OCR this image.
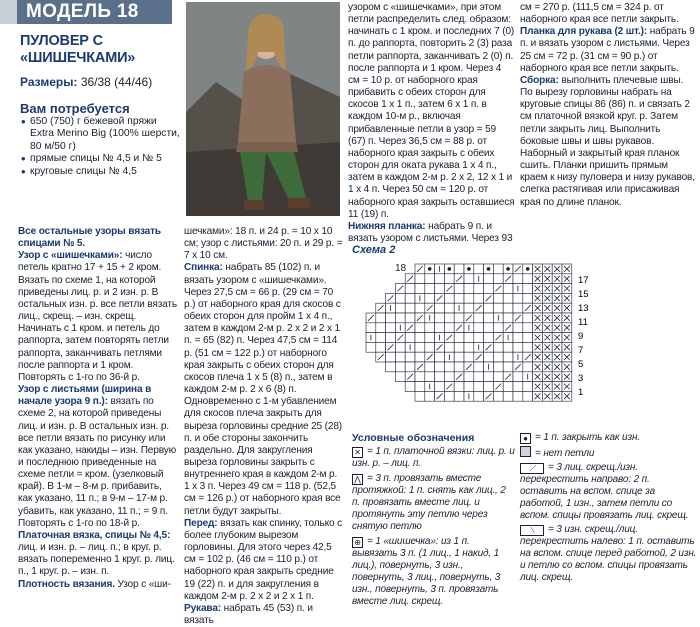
МОДЕЛЬ 18
ПУЛОВЕР С «ШИШЕЧКАМИ»
Размеры: 36/38 (44/46)
Вам потребуется
• 650 (750) г бежевой пряжи Extra Merino Big (100% шерсти, 80 м/50 г)
• прямые спицы № 4,5 и № 5
• круговые спицы № 4,5

узором с «шишечками», при этом петли распределить след. образом: начинать с 1 кром. и последних 7 (0) п. до раппорта, повторить 2 (3) раза петли раппорта, заканчивать 2 (0) п. после раппорта и 1 кром. Через 4 см = 10 р. от наборного края прибавить с обеих сторон для скосов 1 х 1 п., затем 6 х 1 п. в каждом 10-м р., включая прибавленные петли в узор = 59 (67) п. Через 36,5 см = 88 р. от наборного края закрыть с обеих сторон для оката рукава 1 х 4 п., затем в каждом 2-м р. 2 х 2, 12 х 1 и 1 х 4 п. Через 50 см = 120 р. от наборного края закрыть оставшиеся 11 (19) п.

Нижняя планка: набрать 9 п. и вязать узором с листьями. Через 93

см = 270 р. (111,5 см = 324 р. от наборного края все петли закрыть.

Планка для рукава (2 шт.): набрать 9 п. и вязать узором с листьями. Через 25 см = 72 р. (31 см = 90 р.) от наборного края все петли закрыть.

Сборка: выполнить плечевые швы. По вырезу горловины набрать на круговые спицы 86 (86) п. и связать 2 см платочной вязкой круг. р. Затем петли закрыть лиц. Выполнить боковые швы и швы рукавов. Наборный и закрытый края планок сшить. Планки пришить прямым краем к низу пуловера и низу рукавов, слегка растягивая или присаживая края по длине планок.

Все остальные узоры вязать спицами № 5.

Узор с «шишечками»: число петель кратно 17 + 15 + 2 кром. Вязать по схеме 1, на которой приведены лиц. р. и 2 изн. р. В остальных изн. р. все петли вязать лиц., скрещ. – изн. скрещ. Начинать с 1 кром. и петель до раппорта, затем повторять петли раппорта, заканчивать петлями после раппорта и 1 кром. Повторять с 1-го по 36-й р.

Узор с листьями (ширина в начале узора 9 п.): вязать по схеме 2, на которой приведены лиц. и изн. р. В остальных изн. р. все петли вязать по рисунку или как указано, накиды – изн. Первую и последнюю приведенные на схеме петли = кром. (узелковый край). В 1-м – 8-м р. прибавить, как указано, 11 п.; в 9-м – 17-м р. убавить, как указано, 11 п.; = 9 п. Повторять с 1-го по 18-й р.

Платочная вязка, спицы № 4,5: лиц. и изн. р. – лиц. п.; в круг. р. вязать попеременно 1 круг. р. лиц. п., 1 круг. р. – изн. п.

Плотность вязания. Узор с «ши-

шечками»: 18 п. и 24 р. = 10 х 10 см; узор с листьями: 20 п. и 29 р. = 7 х 10 см.

Спинка: набрать 85 (102) п. и вязать узором с «шишечками». Через 27,5 см = 66 р. (29 см = 70 р.) от наборного края для скосов с обеих сторон для пройм 1 х 4 п., затем в каждом 2-м р. 2 х 2 и 2 х 1 п. = 65 (82) п. Через 47,5 см = 114 р. (51 см = 122 р.) от наборного края закрыть с обеих сторон для скосов плеча 1 х 5 (8) п., затем в каждом 2-м р. 2 х 6 (8) п. Одновременно с 1-м убавлением для скосов плеча закрыть для выреза горловины средние 25 (28) п. и обе стороны закончить раздельно. Для закругления выреза горловины закрыть с внутреннего края в каждом 2-м р. 1 х 3 п. Через 49 см = 118 р. (52,5 см = 126 р.) от наборного края все петли будут закрыты.

Перед: вязать как спинку, только с более глубоким вырезом горловины. Для этого через 42,5 см = 102 р. (46 см = 110 р.) от наборного края закрыть средние 19 (22) п. и для закругления в каждом 2-м р. 2 х 2 и 2 х 1 п.

Рукава: набрать 45 (53) п. и вязать

Схема 2
18
17
15
13
11
9
7
5
3
1
Условные обозначения

✕ = 1 п. платочной вязки: лиц. р. и изн. р. – лиц. п.

⋀ = 3 п. провязать вместе протяжкой: 1 п. снять как лиц., 2 п. провязать вместе лиц. и протянуть эту петлю через снятую петлю

⊕ = 1 «шишечка»: из 1 п. вывязать 3 п. (1 лиц., 1 накид, 1 лиц.), повернуть, 3 изн., повернуть, 3 лиц., повернуть, 3 изн., повернуть, 3 п. провязать вместе лиц. скрещ.

● = 1 п. закрыть как изн.

= нет петли

⟋ = 3 лиц. скрещ./изн. перекрестить направо: 2 п. оставить на вспом. спице за работой, 1 изн., затем петли со вспом. спицы провязать лиц. скрещ.

⟍ = 3 изн. скрещ./лиц. перекрестить налево: 1 п. оставить на вспом. спице перед работой, 2 изн. и петлю со вспом. спицы провязать лиц. скрещ.
